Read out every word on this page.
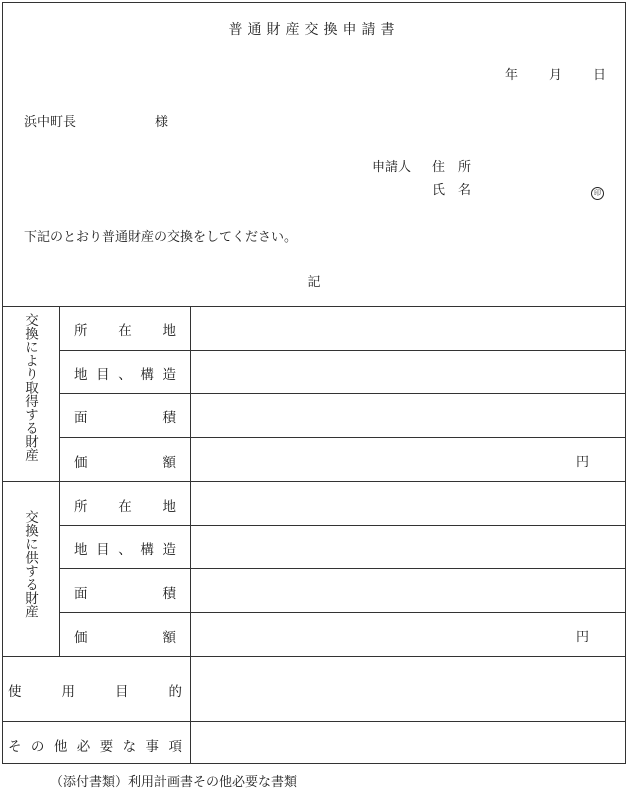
普通財産交換申請書
年 月 日
浜中町長	様
申請人 住　所
氏　名	印
下記のとおり普通財産の交換をしてください。
記
交換により取得する財産	所 在 地
地 目 、 構 造
面	積
価	額	円
交換に供する財産
所 在 地
地 目 、 構 造
面	積
価	額	円
使	用	目	的
そ の 他 必 要 な 事 項
（添付書類）利用計画書その他必要な書類
